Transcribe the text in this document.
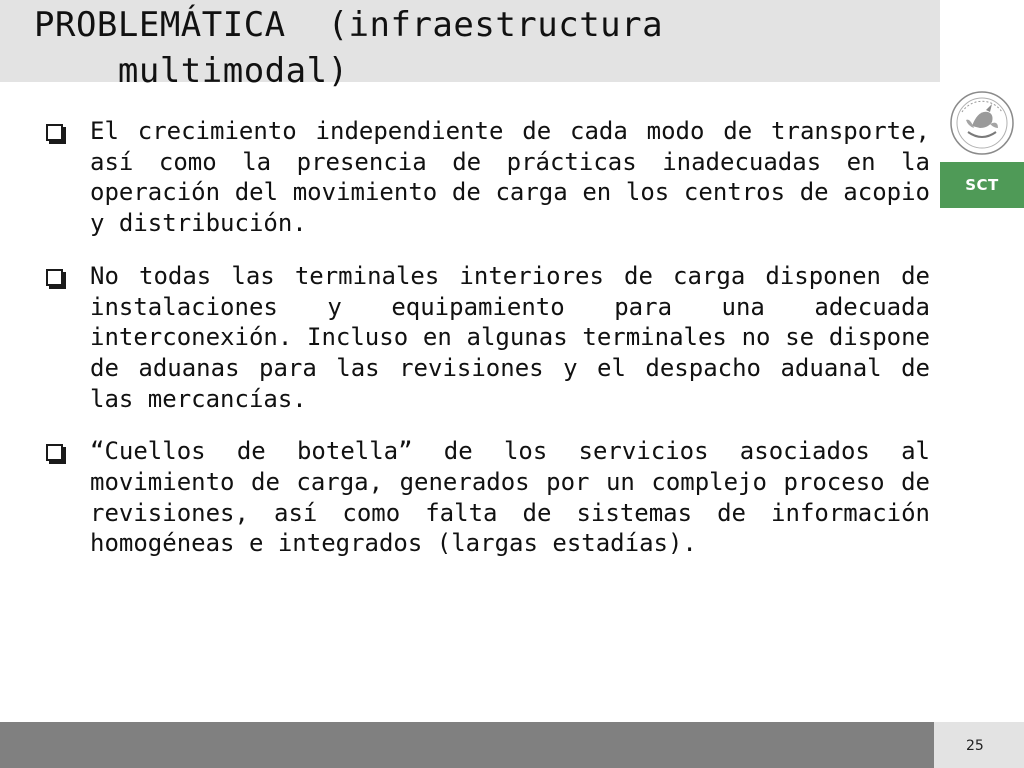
PROBLEMÁTICA  (infraestructura
multimodal)
SCT

El crecimiento independiente de cada modo de transporte, así como la presencia de prácticas inadecuadas en la operación del movimiento de carga en los centros de acopio y distribución.

No todas las terminales interiores de carga disponen de instalaciones y equipamiento para una adecuada interconexión. Incluso en algunas terminales no se dispone de aduanas para las revisiones y el despacho aduanal de las mercancías.

“Cuellos de botella” de los servicios asociados al movimiento de carga, generados por un complejo proceso de revisiones, así como falta de sistemas de información homogéneas e integrados (largas estadías).

25
